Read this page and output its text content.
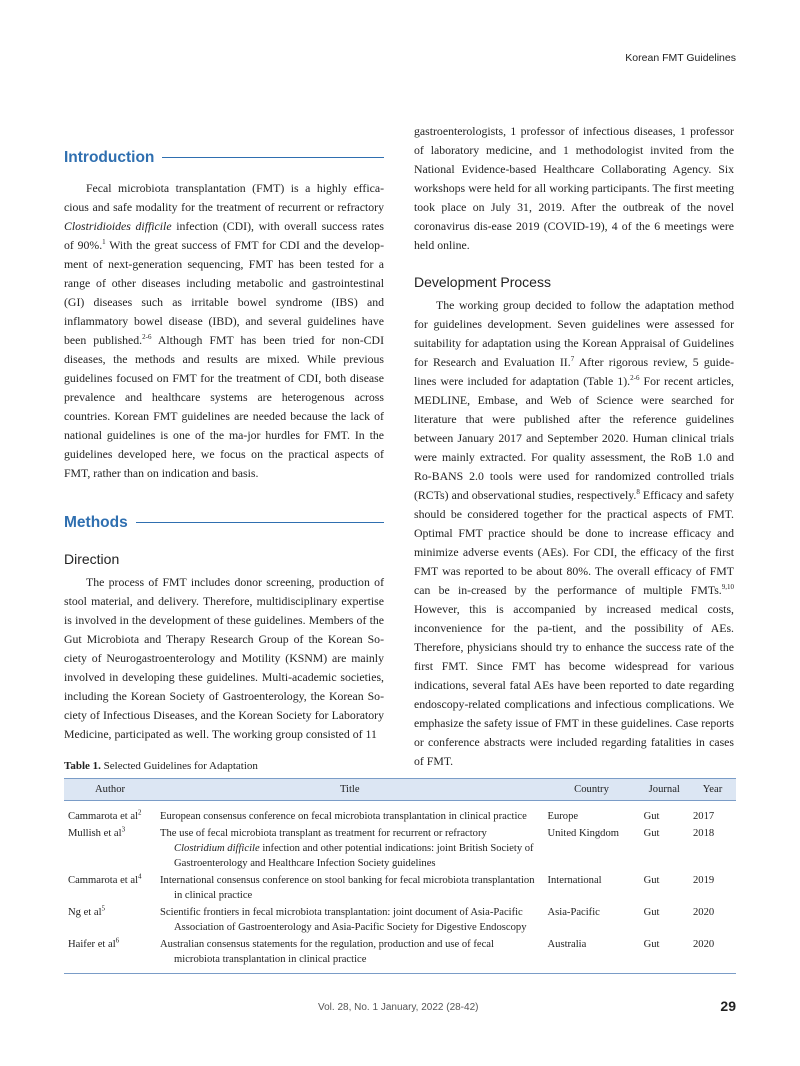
Korean FMT Guidelines
Introduction

Fecal microbiota transplantation (FMT) is a highly effica-cious and safe modality for the treatment of recurrent or refractory Clostridioides difficile infection (CDI), with overall success rates of 90%.$^1$ With the great success of FMT for CDI and the develop-ment of next-generation sequencing, FMT has been tested for a range of other diseases including metabolic and gastrointestinal (GI) diseases such as irritable bowel syndrome (IBS) and inflammatory bowel disease (IBD), and several guidelines have been published.$^{2-6}$ Although FMT has been tried for non-CDI diseases, the methods and results are mixed. While previous guidelines focused on FMT for the treatment of CDI, both disease prevalence and healthcare systems are heterogenous across countries. Korean FMT guidelines are needed because the lack of national guidelines is one of the ma-jor hurdles for FMT. In the guidelines developed here, we focus on the practical aspects of FMT, rather than on indication and basis.

Methods
Direction

The process of FMT includes donor screening, production of stool material, and delivery. Therefore, multidisciplinary expertise is involved in the development of these guidelines. Members of the Gut Microbiota and Therapy Research Group of the Korean So-ciety of Neurogastroenterology and Motility (KSNM) are mainly involved in developing these guidelines. Multi-academic societies, including the Korean Society of Gastroenterology, the Korean So-ciety of Infectious Diseases, and the Korean Society for Laboratory Medicine, participated as well. The working group consisted of 11

gastroenterologists, 1 professor of infectious diseases, 1 professor of laboratory medicine, and 1 methodologist invited from the National Evidence-based Healthcare Collaborating Agency. Six workshops were held for all working participants. The first meeting took place on July 31, 2019. After the outbreak of the novel coronavirus dis-ease 2019 (COVID-19), 4 of the 6 meetings were held online.

Development Process

The working group decided to follow the adaptation method for guidelines development. Seven guidelines were assessed for suitability for adaptation using the Korean Appraisal of Guidelines for Research and Evaluation II.$^7$ After rigorous review, 5 guide-lines were included for adaptation (Table 1).$^{2-6}$ For recent articles, MEDLINE, Embase, and Web of Science were searched for literature that were published after the reference guidelines between January 2017 and September 2020. Human clinical trials were mainly extracted. For quality assessment, the RoB 1.0 and Ro-BANS 2.0 tools were used for randomized controlled trials (RCTs) and observational studies, respectively.$^8$ Efficacy and safety should be considered together for the practical aspects of FMT. Optimal FMT practice should be done to increase efficacy and minimize adverse events (AEs). For CDI, the efficacy of the first FMT was reported to be about 80%. The overall efficacy of FMT can be in-creased by the performance of multiple FMTs.$^{9,10}$ However, this is accompanied by increased medical costs, inconvenience for the pa-tient, and the possibility of AEs. Therefore, physicians should try to enhance the success rate of the first FMT. Since FMT has become widespread for various indications, several fatal AEs have been reported to date regarding endoscopy-related complications and infectious complications. We emphasize the safety issue of FMT in these guidelines. Case reports or conference abstracts were included regarding fatalities in cases of FMT.

Table 1. Selected Guidelines for Adaptation
Author	Title	Country	Journal	Year
Cammarota et $al^2$	European consensus conference on fecal microbiota transplantation in clinical practice	Europe	Gut	2017
Mullish et $al^3$	The use of fecal microbiota transplant as treatment for recurrent or refractory Clostridium difficile infection and other potential indications: joint British Society of Gastroenterology and Healthcare Infection Society guidelines	United Kingdom	Gut	2018
Cammarota et $al^4$	International consensus conference on stool banking for fecal microbiota transplantation in clinical practice	International	Gut	2019
Ng et $al^5$	Scientific frontiers in fecal microbiota transplantation: joint document of Asia-Pacific Association of Gastroenterology and Asia-Pacific Society for Digestive Endoscopy	Asia-Pacific	Gut	2020
Haifer et $al^6$	Australian consensus statements for the regulation, production and use of fecal microbiota transplantation in clinical practice	Australia	Gut	2020
Vol. 28, No. 1 January, 2022 (28-42)	29
